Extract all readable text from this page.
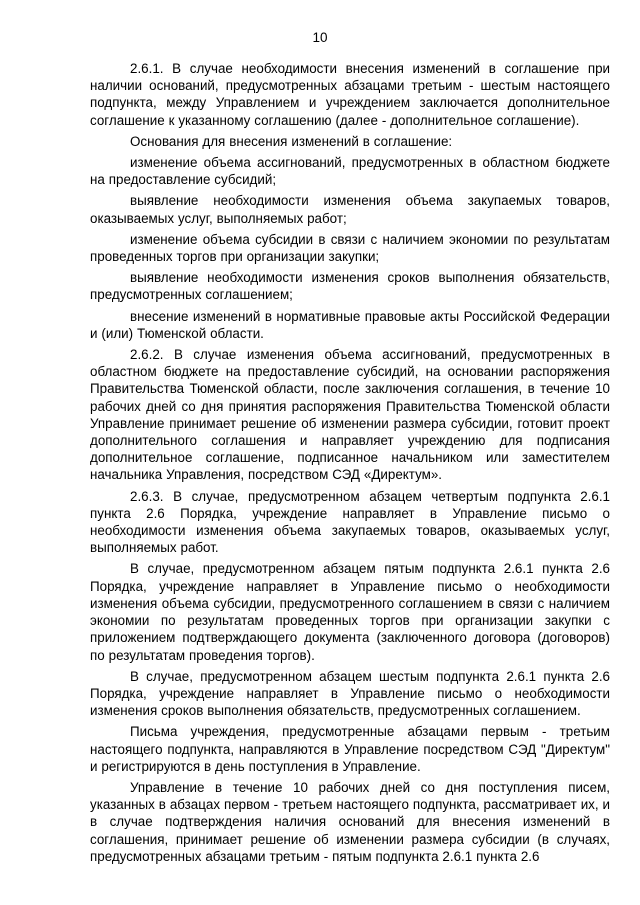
10

2.6.1. В случае необходимости внесения изменений в соглашение при наличии оснований, предусмотренных абзацами третьим - шестым настоящего подпункта, между Управлением и учреждением заключается дополнительное соглашение к указанному соглашению (далее - дополнительное соглашение).

Основания для внесения изменений в соглашение:

изменение объема ассигнований, предусмотренных в областном бюджете на предоставление субсидий;

выявление необходимости изменения объема закупаемых товаров, оказываемых услуг, выполняемых работ;

изменение объема субсидии в связи с наличием экономии по результатам проведенных торгов при организации закупки;

выявление необходимости изменения сроков выполнения обязательств, предусмотренных соглашением;

внесение изменений в нормативные правовые акты Российской Федерации и (или) Тюменской области.

2.6.2. В случае изменения объема ассигнований, предусмотренных в областном бюджете на предоставление субсидий, на основании распоряжения Правительства Тюменской области, после заключения соглашения, в течение 10 рабочих дней со дня принятия распоряжения Правительства Тюменской области Управление принимает решение об изменении размера субсидии, готовит проект дополнительного соглашения и направляет учреждению для подписания дополнительное соглашение, подписанное начальником или заместителем начальника Управления, посредством СЭД «Директум».

2.6.3. В случае, предусмотренном абзацем четвертым подпункта 2.6.1 пункта 2.6 Порядка, учреждение направляет в Управление письмо о необходимости изменения объема закупаемых товаров, оказываемых услуг, выполняемых работ.

В случае, предусмотренном абзацем пятым подпункта 2.6.1 пункта 2.6 Порядка, учреждение направляет в Управление письмо о необходимости изменения объема субсидии, предусмотренного соглашением в связи с наличием экономии по результатам проведенных торгов при организации закупки с приложением подтверждающего документа (заключенного договора (договоров) по результатам проведения торгов).

В случае, предусмотренном абзацем шестым подпункта 2.6.1 пункта 2.6 Порядка, учреждение направляет в Управление письмо о необходимости изменения сроков выполнения обязательств, предусмотренных соглашением.

Письма учреждения, предусмотренные абзацами первым - третьим настоящего подпункта, направляются в Управление посредством СЭД "Директум" и регистрируются в день поступления в Управление.

Управление в течение 10 рабочих дней со дня поступления писем, указанных в абзацах первом - третьем настоящего подпункта, рассматривает их, и в случае подтверждения наличия оснований для внесения изменений в соглашения, принимает решение об изменении размера субсидии (в случаях, предусмотренных абзацами третьим - пятым подпункта 2.6.1 пункта 2.6
